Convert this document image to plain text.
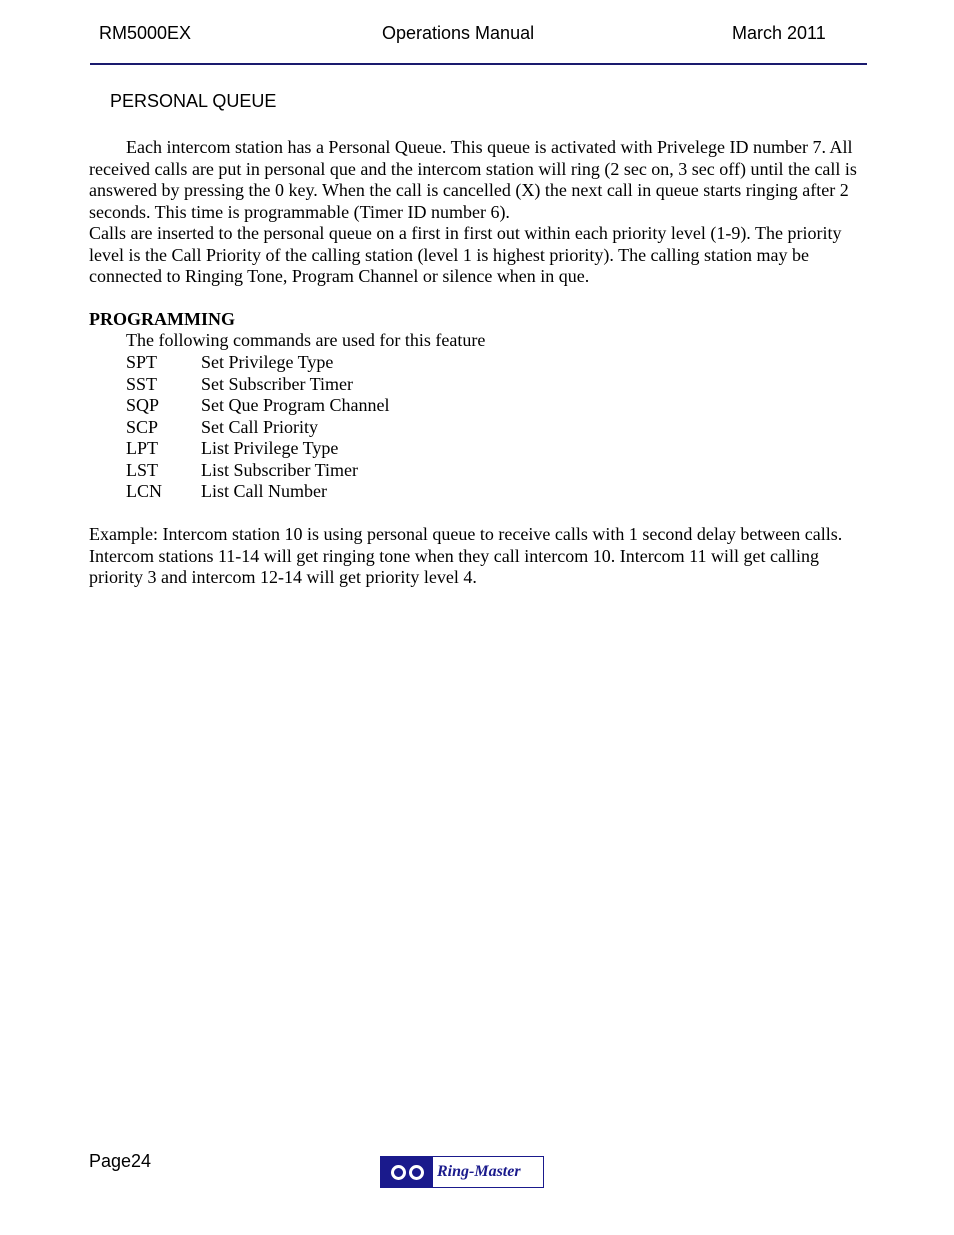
RM5000EX	Operations Manual	March 2011
PERSONAL QUEUE
Each intercom station has a Personal Queue. This queue is activated with Privelege ID number 7. All received calls are put in personal que and the intercom station will ring (2 sec on, 3 sec off) until the call is answered by pressing the 0 key. When the call is cancelled (X) the next call in queue starts ringing after 2 seconds. This time is programmable (Timer ID number 6).
Calls are inserted to the personal queue on a first in first out within each priority level (1-9). The priority level is the Call Priority of the calling station (level 1 is highest priority). The calling station may be connected to Ringing Tone, Program Channel or silence when in que.
PROGRAMMING
The following commands are used for this feature
SPT	Set Privilege Type
SST	Set Subscriber Timer
SQP	Set Que Program Channel
SCP	Set Call Priority
LPT	List Privilege Type
LST	List Subscriber Timer
LCN	List Call Number
Example: Intercom station 10 is using personal queue to receive calls with 1 second delay between calls. Intercom stations 11-14 will get ringing tone when they call intercom 10. Intercom 11 will get calling priority 3 and intercom 12-14 will get priority level 4.
Page24
Ring-Master
